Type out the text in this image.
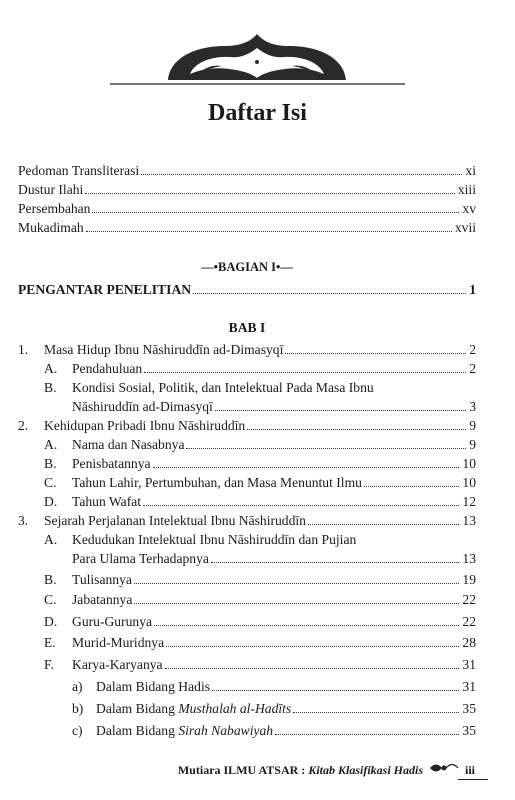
Daftar Isi
Pedoman Transliterasi	xi
Dustur Ilahi	xiii
Persembahan	xv
Mukadimah	xvii
—•BAGIAN I•—
PENGANTAR PENELITIAN	1
BAB I
1. Masa Hidup Ibnu Nāshiruddīn ad-Dimasyqī	2
A. Pendahuluan	2
B. Kondisi Sosial, Politik, dan Intelektual Pada Masa Ibnu
Nāshiruddīn ad-Dimasyqī	3
2. Kehidupan Pribadi Ibnu Nāshiruddīn	9
A. Nama dan Nasabnya	9
B. Penisbatannya	10
C. Tahun Lahir, Pertumbuhan, dan Masa Menuntut Ilmu	10
D. Tahun Wafat	12
3. Sejarah Perjalanan Intelektual Ibnu Nāshiruddīn	13
A. Kedudukan Intelektual Ibnu Nāshiruddīn dan Pujian
Para Ulama Terhadapnya	13
B. Tulisannya	19
C. Jabatannya	22
D. Guru-Gurunya	22
E. Murid-Muridnya	28
F. Karya-Karyanya	31
a) Dalam Bidang Hadis	31
b) Dalam Bidang Musthalah al-Hadīts	35
c) Dalam Bidang Sirah Nabawiyah	35
Mutiara ILMU ATSAR : Kitab Klasifikasi Hadis	iii
